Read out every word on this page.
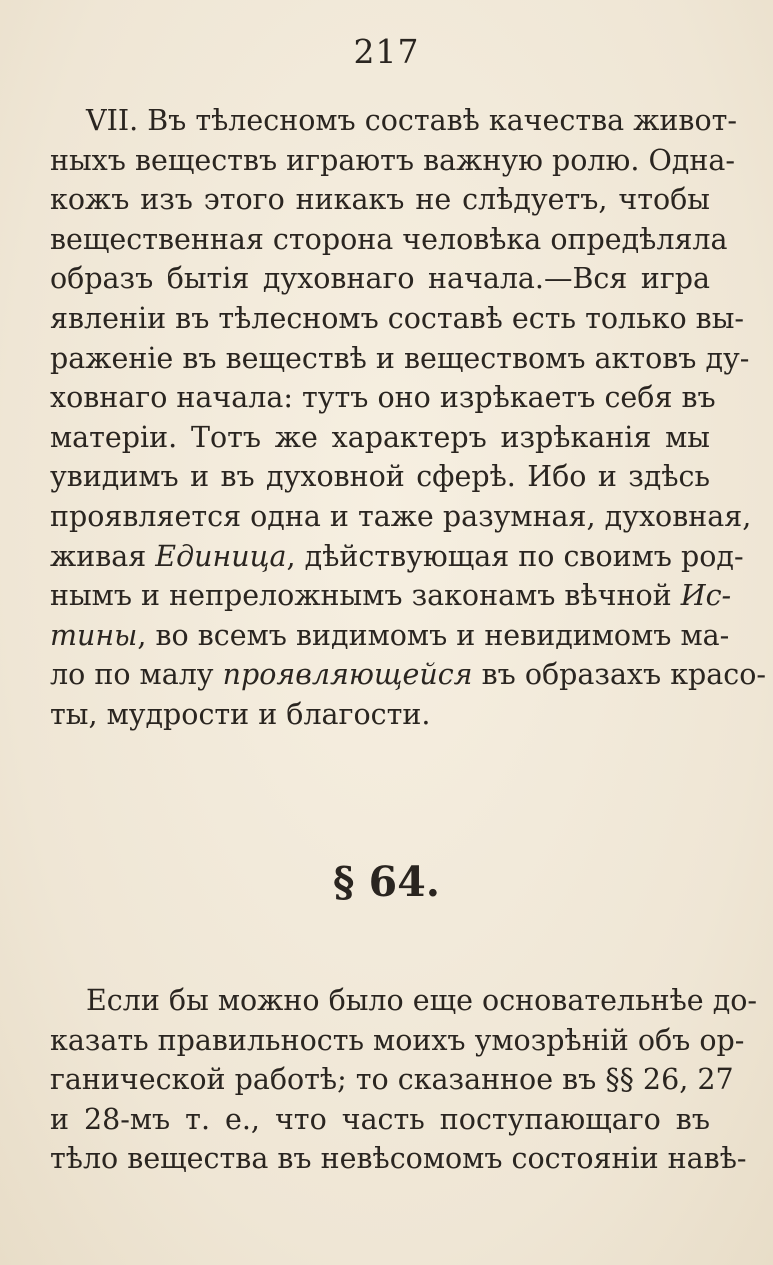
217
VII. Въ тѣлесномъ составѣ качества живот-
ныхъ веществъ играютъ важную ролю. Одна-
кожъ изъ этого никакъ не слѣдуетъ, чтобы
вещественная сторона человѣка опредѣляла
образъ бытія духовнаго начала.—Вся игра
явленіи въ тѣлесномъ составѣ есть только вы-
раженіе въ веществѣ и веществомъ актовъ ду-
ховнаго начала: тутъ оно изрѣкаетъ себя въ
матеріи. Тотъ же характеръ изрѣканія мы
увидимъ и въ духовной сферѣ. Ибо и здѣсь
проявляется одна и таже разумная, духовная,
живая Единица, дѣйствующая по своимъ род-
нымъ и непреложнымъ законамъ вѣчной Ис-
тины, во всемъ видимомъ и невидимомъ ма-
ло по малу проявляющейся въ образахъ красо-
ты, мудрости и благости.
§ 64.
Если бы можно было еще основательнѣе до-
казать правильность моихъ умозрѣній объ ор-
ганической работѣ; то сказанное въ §§ 26, 27
и 28-мъ т. е., что часть поступающаго въ
тѣло вещества въ невѣсомомъ состояніи навѣ-
